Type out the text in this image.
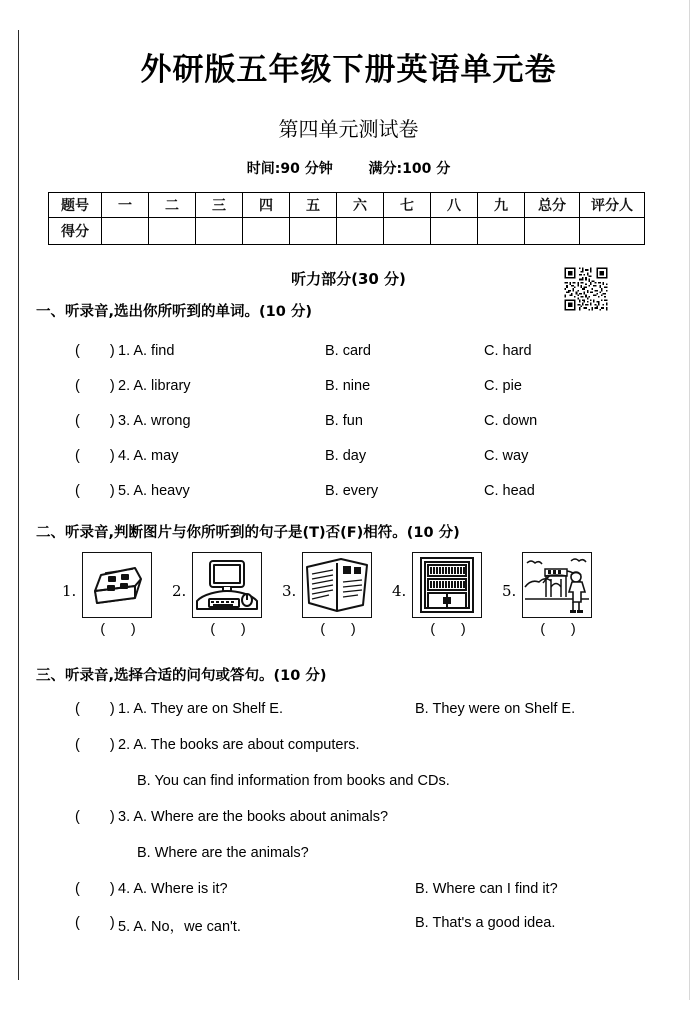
外研版五年级下册英语单元卷
第四单元测试卷
时间:90 分钟	满分:100 分
题号	一	二	三	四	五	六	七	八	九	总分	评分人
得分											
听力部分(30 分)
一、听录音,选出你所听到的单词。(10 分)
( ) 1. A. find	B. card	C. hard
( ) 2. A. library	B. nine	C. pie
( ) 3. A. wrong	B. fun	C. down
( ) 4. A. may	B. day	C. way
( ) 5. A. heavy	B. every	C. head
二、听录音,判断图片与你所听到的句子是(T)否(F)相符。(10 分)
1.
( )
2.
( )
3.
( )
4.
( )
5.
( )
三、听录音,选择合适的问句或答句。(10 分)
( ) 1. A. They are on Shelf E.	B. They were on Shelf E.
( ) 2. A. The books are about computers.
B. You can find information from books and CDs.
( ) 3. A. Where are the books about animals?
B. Where are the animals?
( ) 4. A. Where is it?	B. Where can I find it?
( ) 5. A. No，we can't.	B. That's a good idea.
